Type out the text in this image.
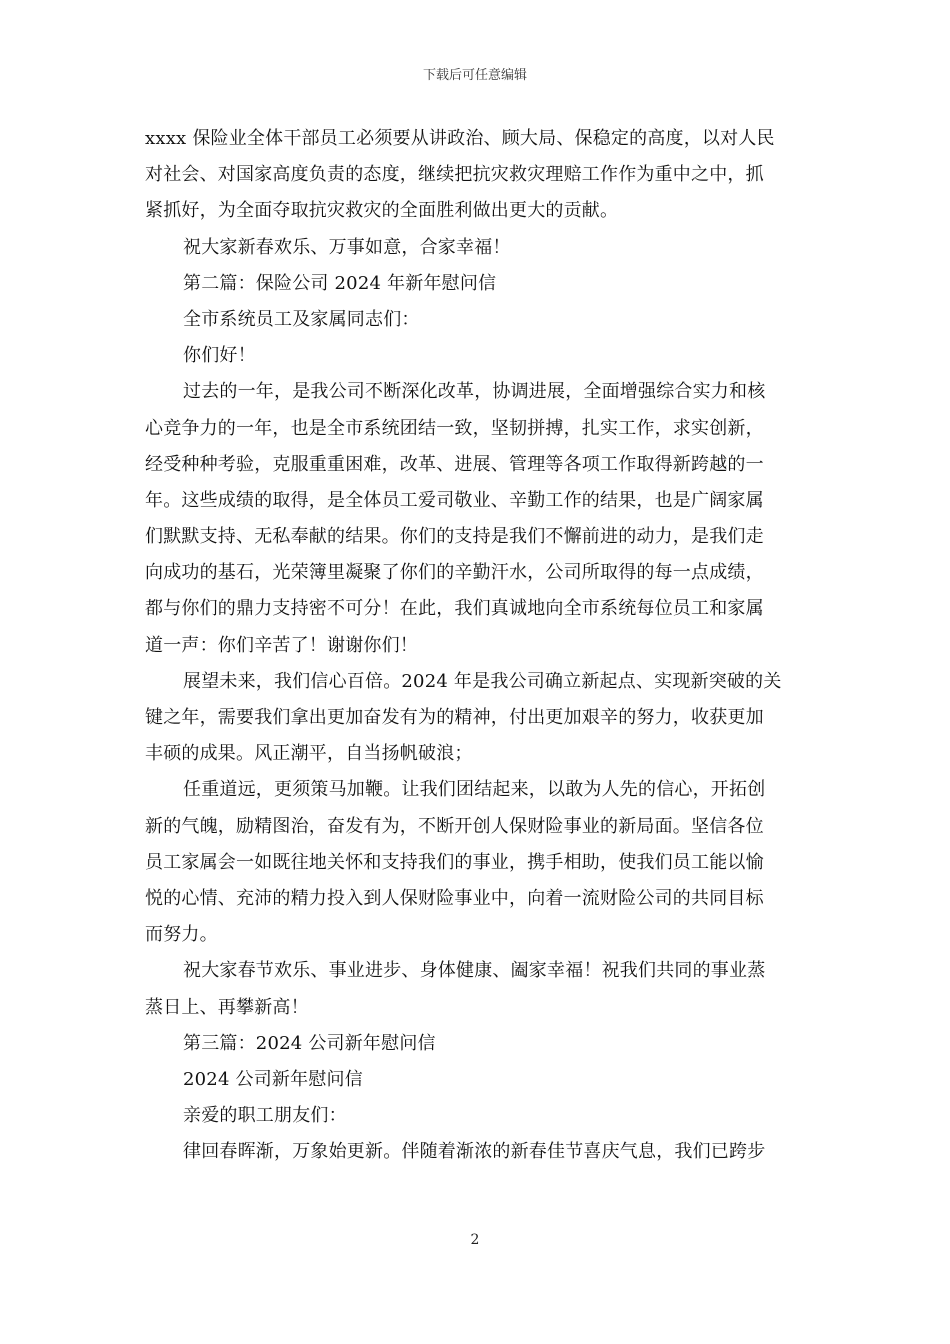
下载后可任意编辑
xxxx 保险业全体干部员工必须要从讲政治、顾大局、保稳定的高度，以对人民
对社会、对国家高度负责的态度，继续把抗灾救灾理赔工作作为重中之中，抓
紧抓好，为全面夺取抗灾救灾的全面胜利做出更大的贡献。
祝大家新春欢乐、万事如意，合家幸福！
第二篇：保险公司 2024 年新年慰问信
全市系统员工及家属同志们：
你们好！
过去的一年，是我公司不断深化改革，协调进展，全面增强综合实力和核
心竞争力的一年，也是全市系统团结一致，坚韧拼搏，扎实工作，求实创新，
经受种种考验，克服重重困难，改革、进展、管理等各项工作取得新跨越的一
年。这些成绩的取得，是全体员工爱司敬业、辛勤工作的结果，也是广阔家属
们默默支持、无私奉献的结果。你们的支持是我们不懈前进的动力，是我们走
向成功的基石，光荣簿里凝聚了你们的辛勤汗水，公司所取得的每一点成绩，
都与你们的鼎力支持密不可分！在此，我们真诚地向全市系统每位员工和家属
道一声：你们辛苦了！谢谢你们！
展望未来，我们信心百倍。2024 年是我公司确立新起点、实现新突破的关
键之年，需要我们拿出更加奋发有为的精神，付出更加艰辛的努力，收获更加
丰硕的成果。风正潮平，自当扬帆破浪；
任重道远，更须策马加鞭。让我们团结起来，以敢为人先的信心，开拓创
新的气魄，励精图治，奋发有为，不断开创人保财险事业的新局面。坚信各位
员工家属会一如既往地关怀和支持我们的事业，携手相助，使我们员工能以愉
悦的心情、充沛的精力投入到人保财险事业中，向着一流财险公司的共同目标
而努力。
祝大家春节欢乐、事业进步、身体健康、阖家幸福！祝我们共同的事业蒸
蒸日上、再攀新高！
第三篇：2024 公司新年慰问信
2024 公司新年慰问信
亲爱的职工朋友们：
律回春晖渐，万象始更新。伴随着渐浓的新春佳节喜庆气息，我们已跨步
2
